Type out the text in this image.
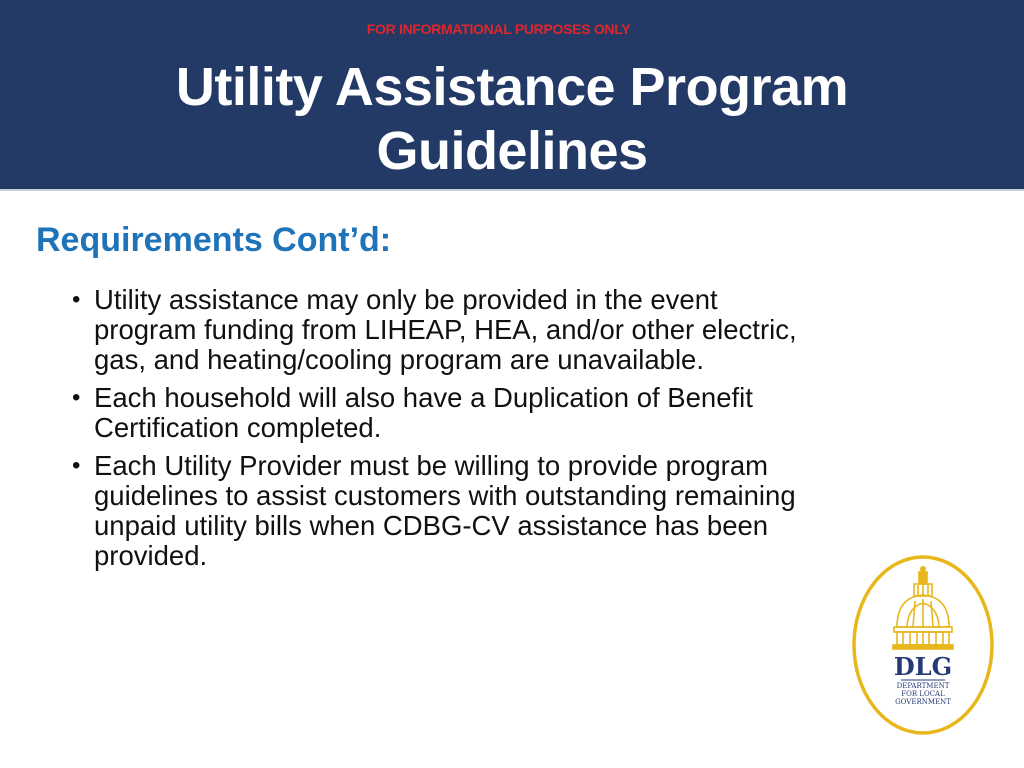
FOR INFORMATIONAL PURPOSES ONLY
Utility Assistance Program
Guidelines
Requirements Cont’d:
• Utility assistance may only be provided in the event program funding from LIHEAP, HEA, and/or other electric, gas, and heating/cooling program are unavailable.
• Each household will also have a Duplication of Benefit Certification completed.
• Each Utility Provider must be willing to provide program guidelines to assist customers with outstanding remaining unpaid utility bills when CDBG-CV assistance has been provided.
DLG
DEPARTMENT
FOR LOCAL
GOVERNMENT
